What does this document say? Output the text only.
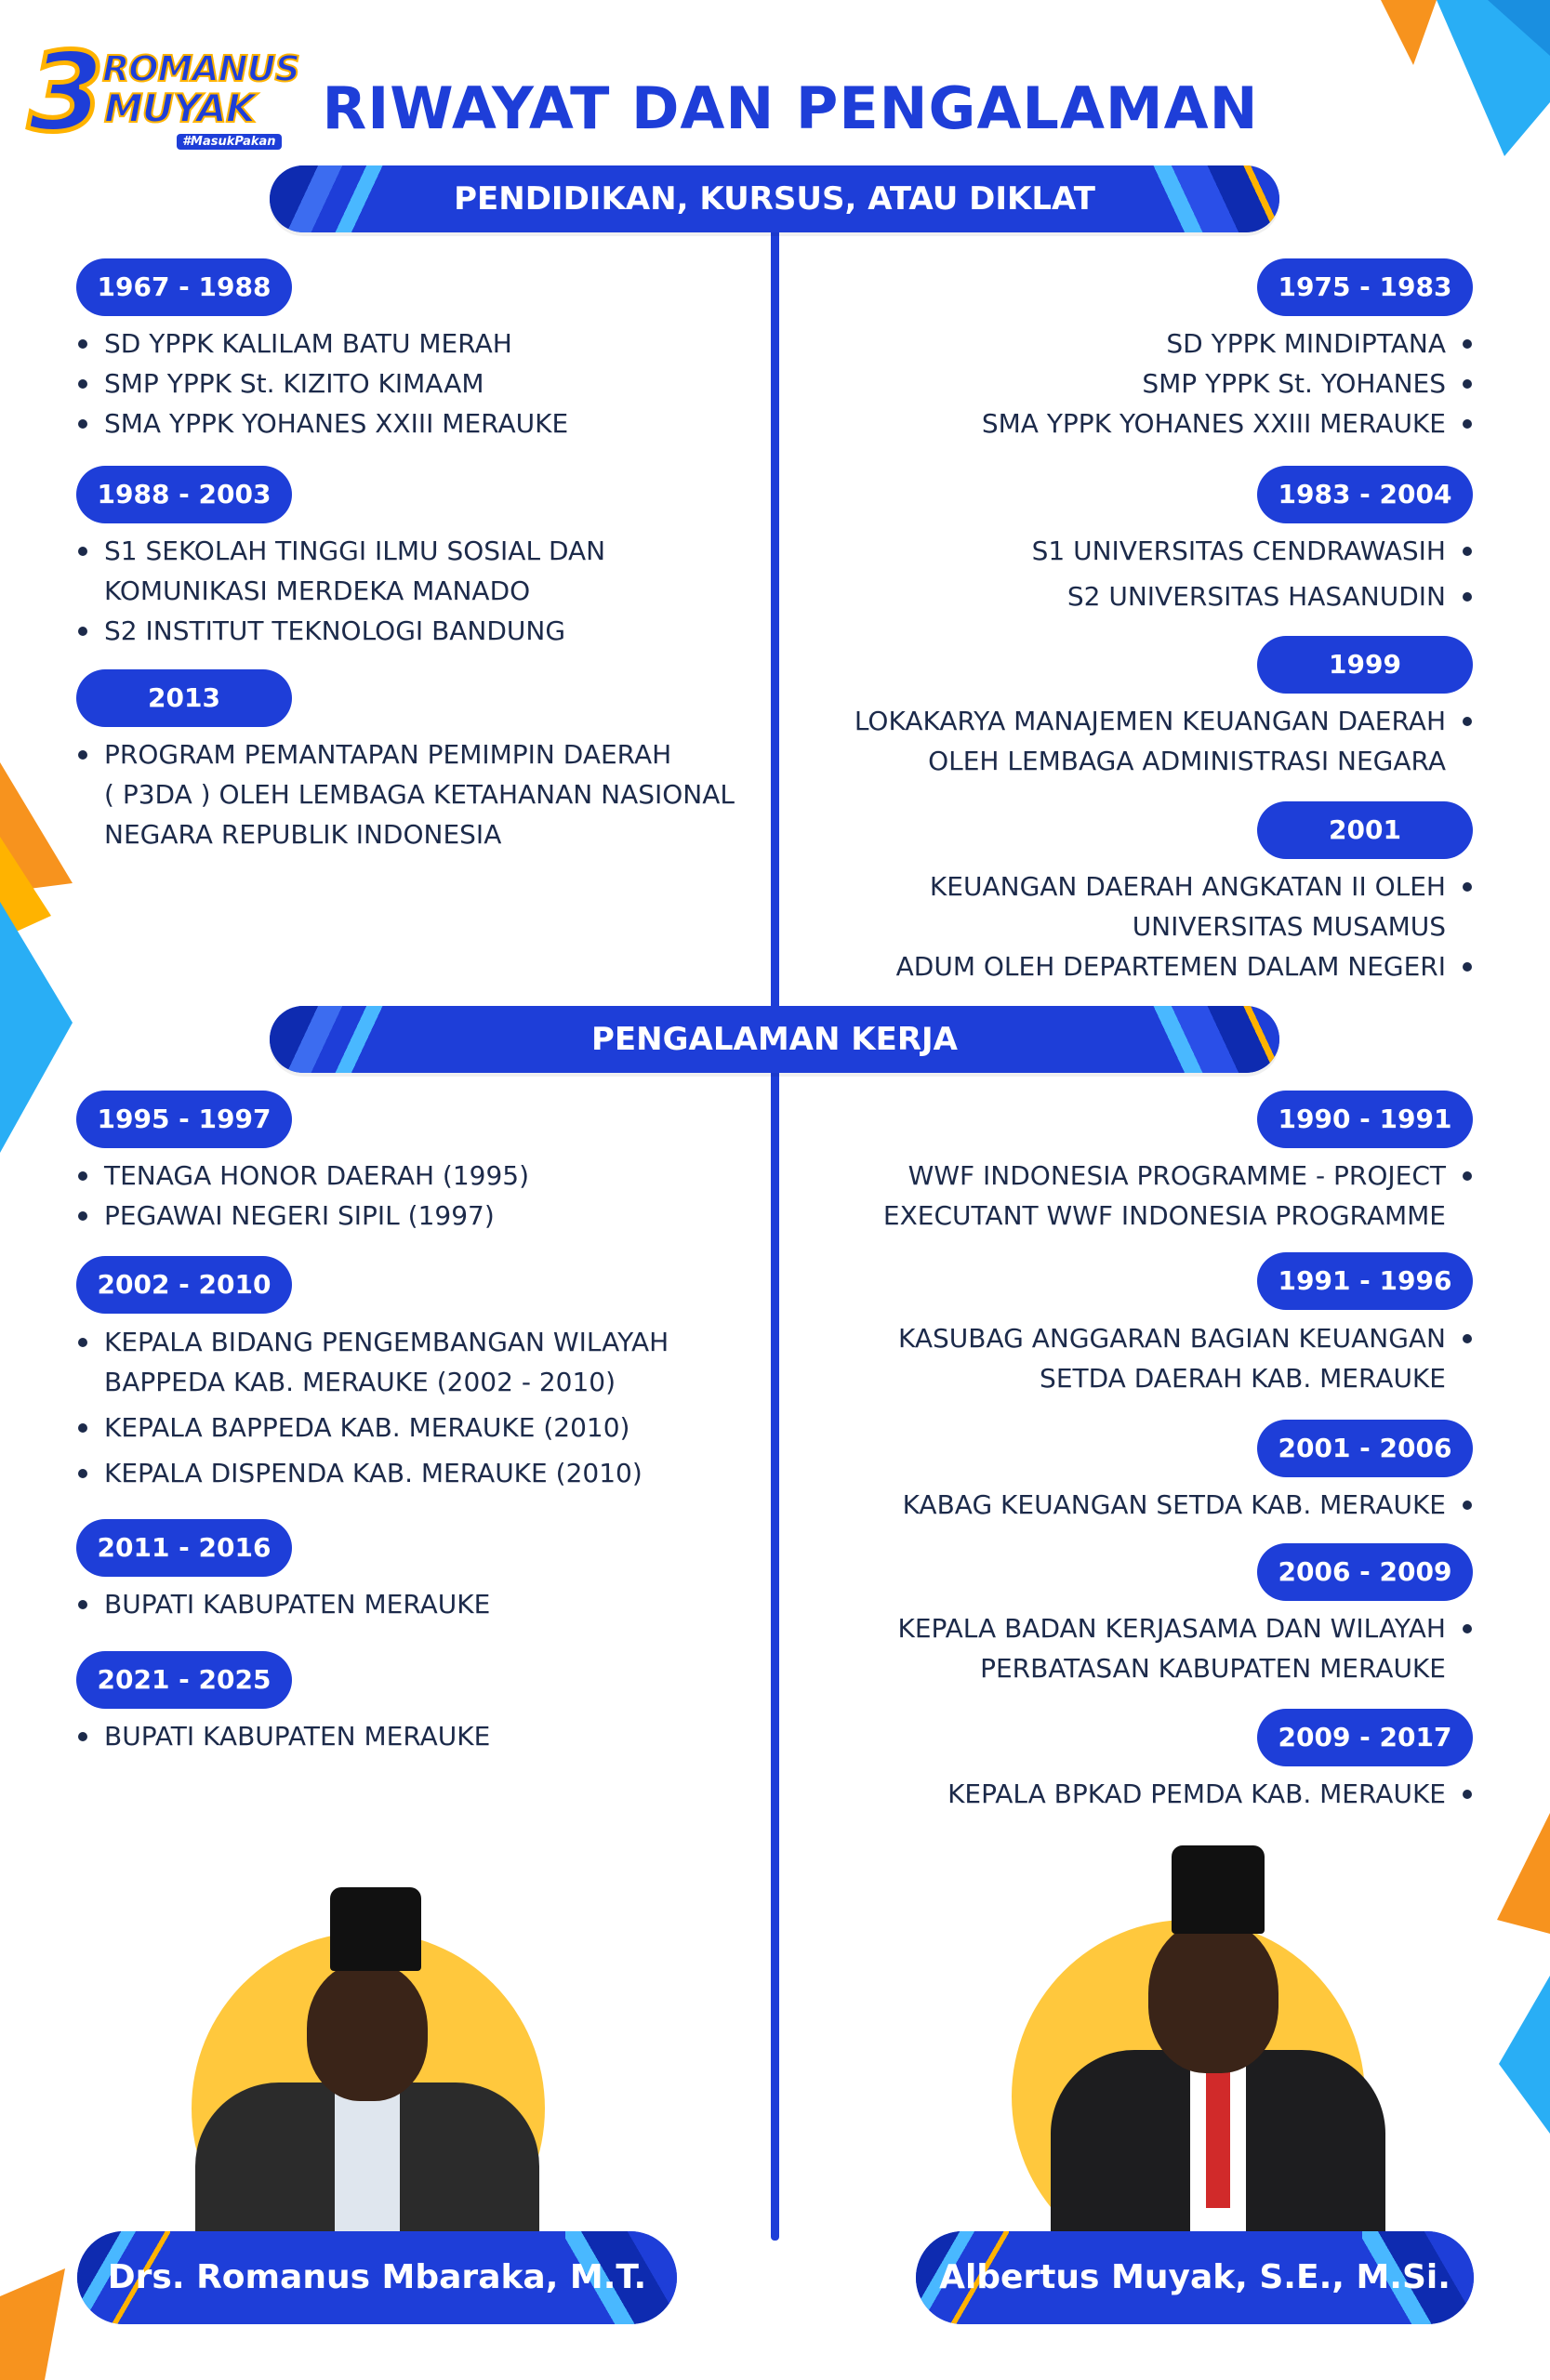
3
ROMANUS
MUYAK
#MasukPakan RIWAYAT DAN PENGALAMAN
PENDIDIKAN, KURSUS, ATAU DIKLAT
PENGALAMAN KERJA
1967 - 1988
SD YPPK KALILAM BATU MERAH
SMP YPPK St. KIZITO KIMAAM
SMA YPPK YOHANES XXIII MERAUKE
1988 - 2003
S1 SEKOLAH TINGGI ILMU SOSIAL DAN
KOMUNIKASI MERDEKA MANADO
S2 INSTITUT TEKNOLOGI BANDUNG
2013
PROGRAM PEMANTAPAN PEMIMPIN DAERAH
( P3DA ) OLEH LEMBAGA KETAHANAN NASIONAL
NEGARA REPUBLIK INDONESIA
1975 - 1983
SD YPPK MINDIPTANA
SMP YPPK St. YOHANES
SMA YPPK YOHANES XXIII MERAUKE
1983 - 2004
S1 UNIVERSITAS CENDRAWASIH
S2 UNIVERSITAS HASANUDIN
1999
LOKAKARYA MANAJEMEN KEUANGAN DAERAH
OLEH LEMBAGA ADMINISTRASI NEGARA
2001
KEUANGAN DAERAH ANGKATAN II OLEH
UNIVERSITAS MUSAMUS
ADUM OLEH DEPARTEMEN DALAM NEGERI
1995 - 1997
TENAGA HONOR DAERAH (1995)
PEGAWAI NEGERI SIPIL (1997)
2002 - 2010
KEPALA BIDANG PENGEMBANGAN WILAYAH
BAPPEDA KAB. MERAUKE (2002 - 2010)
KEPALA BAPPEDA KAB. MERAUKE (2010)
KEPALA DISPENDA KAB. MERAUKE (2010)
2011 - 2016
BUPATI KABUPATEN MERAUKE
2021 - 2025
BUPATI KABUPATEN MERAUKE
1990 - 1991
WWF INDONESIA PROGRAMME - PROJECT
EXECUTANT WWF INDONESIA PROGRAMME
1991 - 1996
KASUBAG ANGGARAN BAGIAN KEUANGAN
SETDA DAERAH KAB. MERAUKE
2001 - 2006
KABAG KEUANGAN SETDA KAB. MERAUKE
2006 - 2009
KEPALA BADAN KERJASAMA DAN WILAYAH
PERBATASAN KABUPATEN MERAUKE
2009 - 2017
KEPALA BPKAD PEMDA KAB. MERAUKE
Drs. Romanus Mbaraka, M.T.	Albertus Muyak, S.E., M.Si.
